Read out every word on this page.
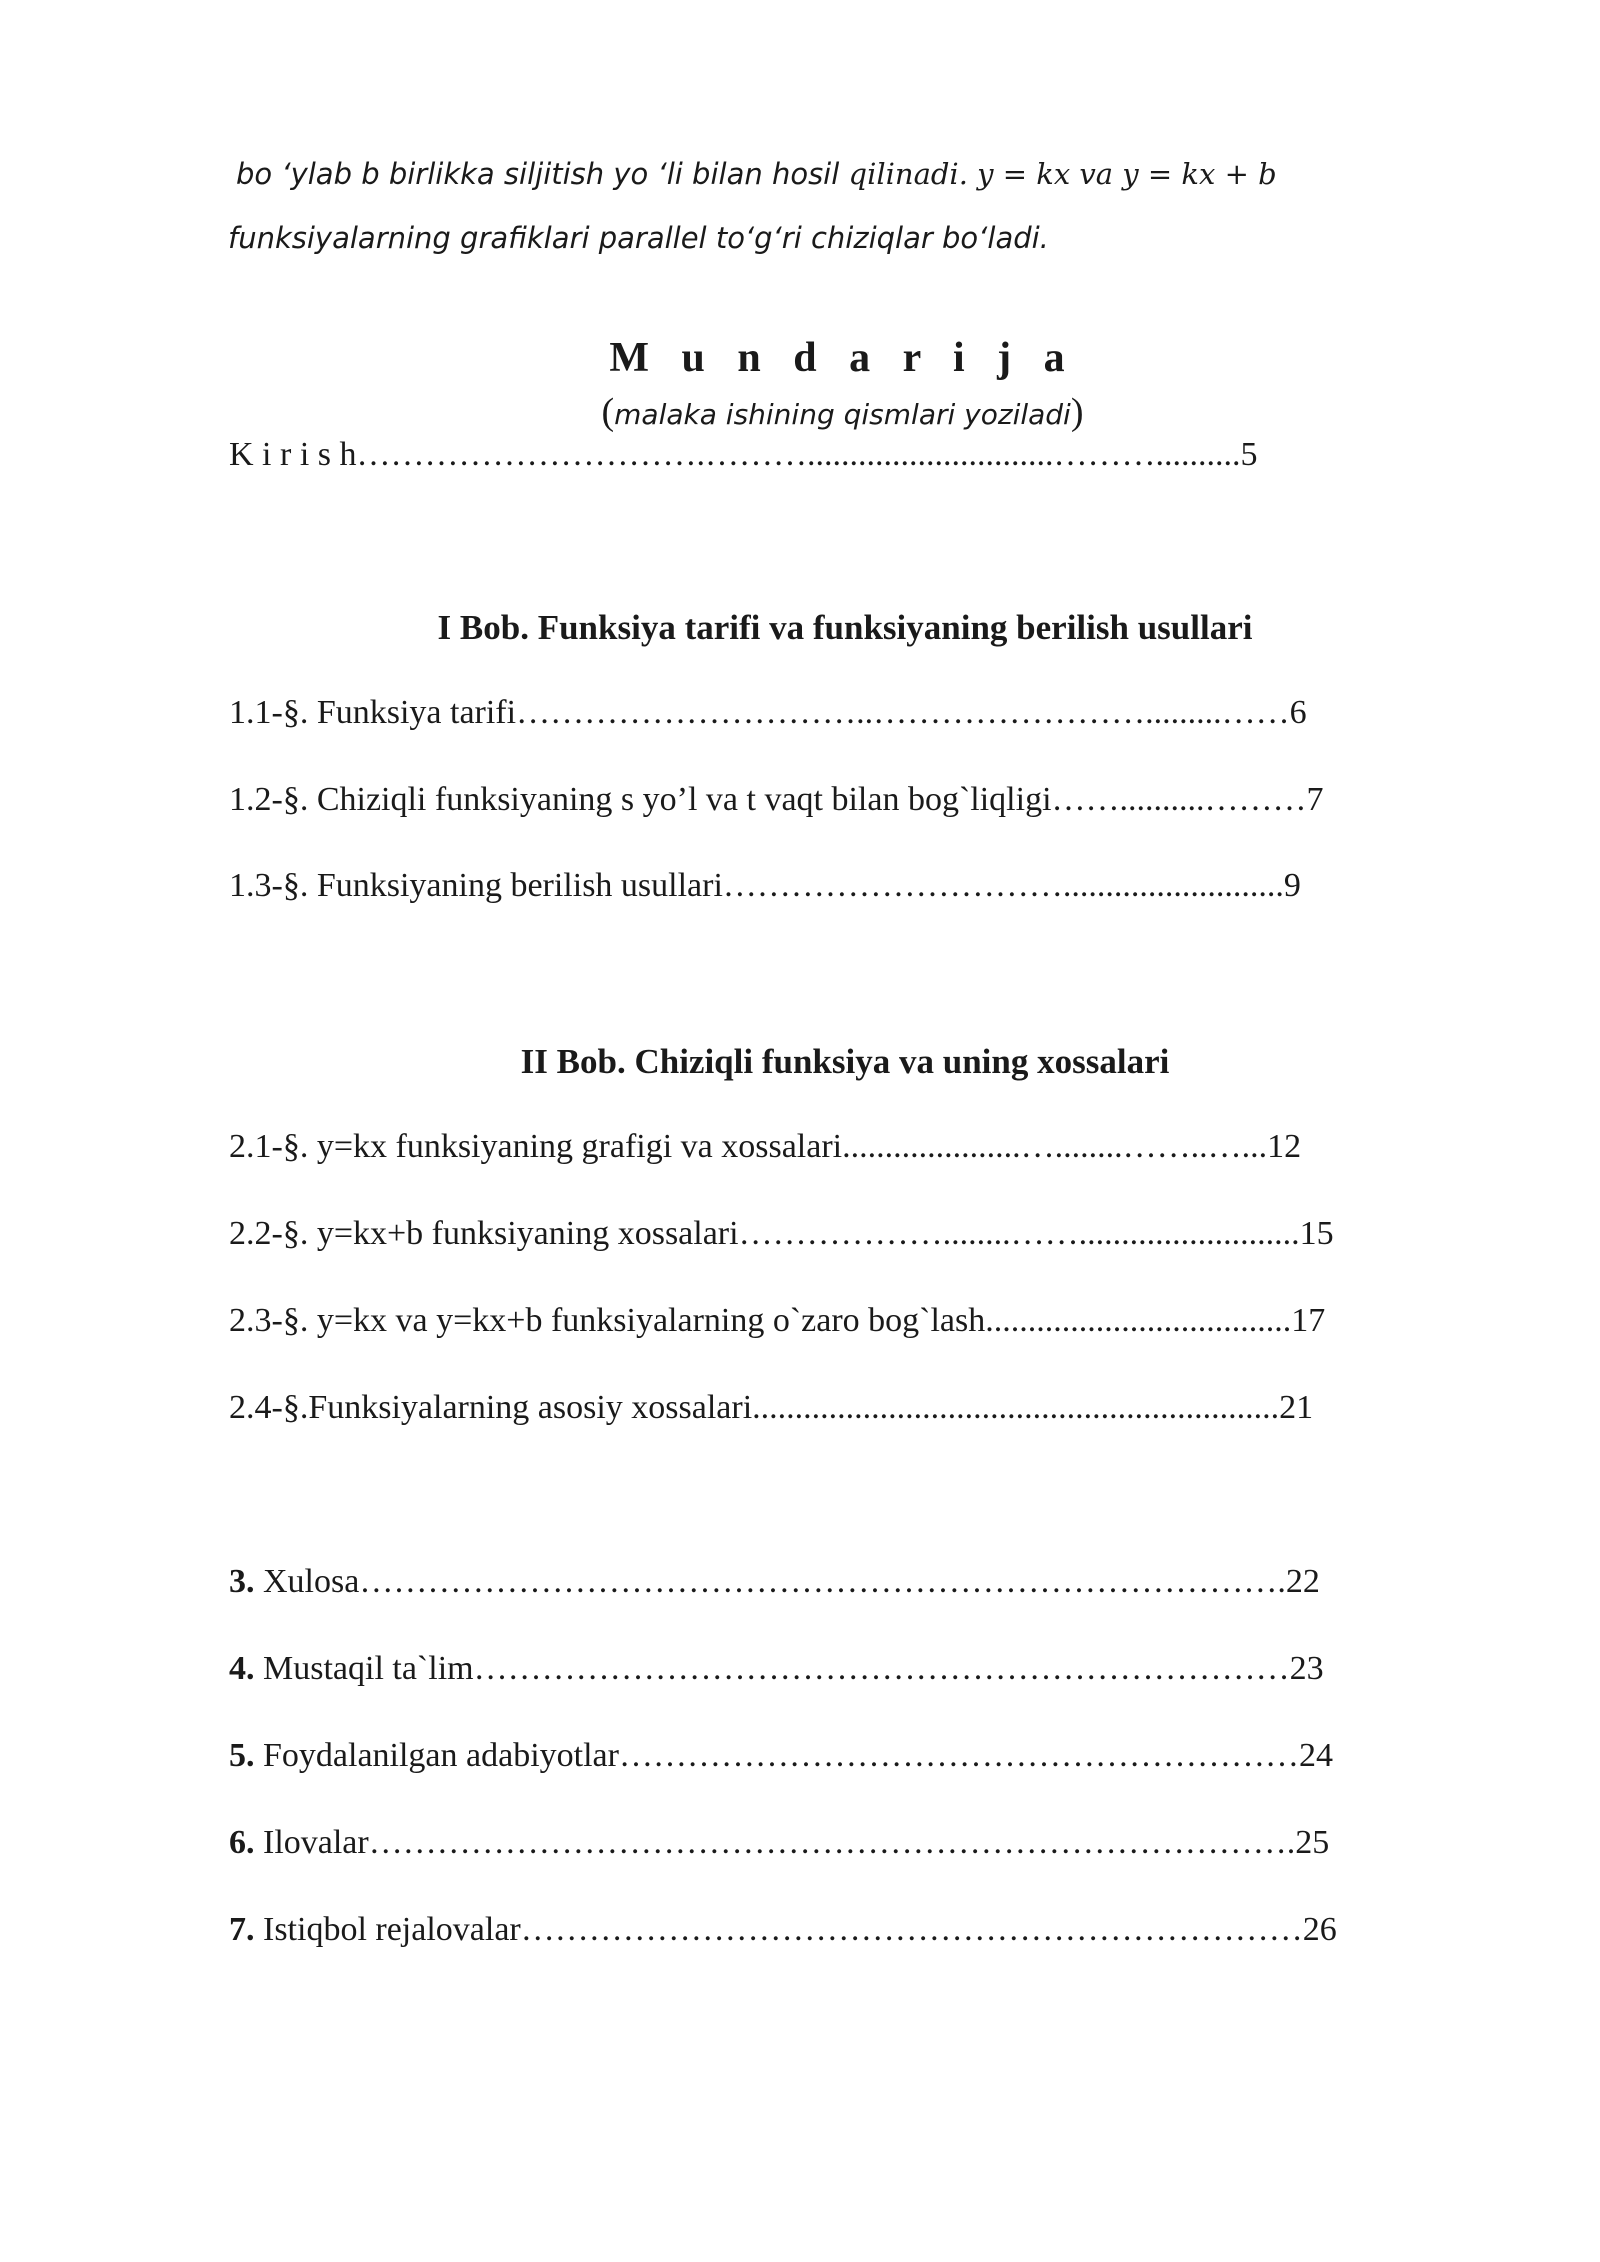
bo ‘ylab b birlikka siljitish yo ‘li bilan hosil qilinadi. y = kx va y = kx + b
funksiyalarning grafiklari parallel to‘g‘ri chiziqlar bo‘ladi.
M u n d a r i j a
(malaka ishining qismlari yoziladi)
K i r i s h………………………….……….............................………..........5
I Bob. Funksiya tarifi va funksiyaning berilish usullari
1.1-§. Funksiya tarifi…………………………..…………………….........……6
1.2-§. Chiziqli funksiyaning s yo’l va t vaqt bilan bog`liqligi……..........………7
1.3-§. Funksiyaning berilish usullari…………………………..........................9
II Bob. Chiziqli funksiya va uning xossalari
2.1-§. y=kx funksiyaning grafigi va xossalari.....................…........……..…...12
2.2-§. y=kx+b funksiyaning xossalari………………........……..........................15
2.3-§. y=kx va y=kx+b funksiyalarning o`zaro bog`lash....................................17
2.4-§.Funksiyalarning asosiy xossalari..............................................................21
3. Xulosa……………………………………………………………………….22
4. Mustaqil ta`lim………………………………………………………………23
5. Foydalanilgan adabiyotlar……………………………………………………24
6. Ilovalar……………………………………………………………………….25
7. Istiqbol rejalovalar……………………………………………………………26
